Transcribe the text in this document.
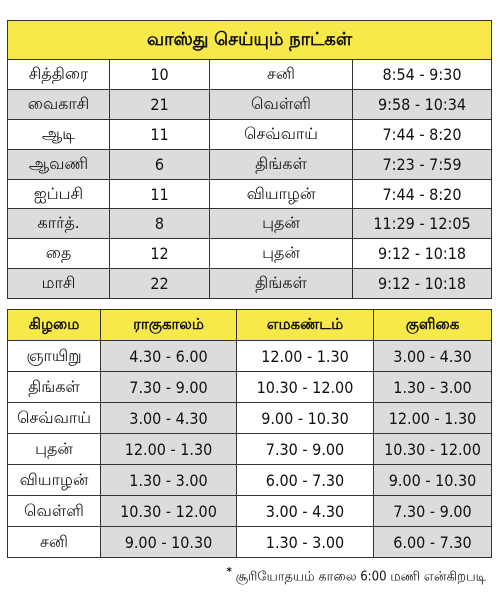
வாஸ்து செய்யும் நாட்கள்			
சித்திரை	10	சனி	8:54 - 9:30
வைகாசி	21	வெள்ளி	9:58 - 10:34
ஆடி	11	செவ்வாய்	7:44 - 8:20
ஆவணி	6	திங்கள்	7:23 - 7:59
ஐப்பசி	11	வியாழன்	7:44 - 8:20
கார்த்.	8	புதன்	11:29 - 12:05
தை	12	புதன்	9:12 - 10:18
மாசி	22	திங்கள்	9:12 - 10:18
கிழமை	ராகுகாலம்	எமகண்டம்	குளிகை
ஞாயிறு	4.30 - 6.00	12.00 - 1.30	3.00 - 4.30
திங்கள்	7.30 - 9.00	10.30 - 12.00	1.30 - 3.00
செவ்வாய்	3.00 - 4.30	9.00 - 10.30	12.00 - 1.30
புதன்	12.00 - 1.30	7.30 - 9.00	10.30 - 12.00
வியாழன்	1.30 - 3.00	6.00 - 7.30	9.00 - 10.30
வெள்ளி	10.30 - 12.00	3.00 - 4.30	7.30 - 9.00
சனி	9.00 - 10.30	1.30 - 3.00	6.00 - 7.30
* சூரியோதயம் காலை 6:00 மணி என்கிறபடி
